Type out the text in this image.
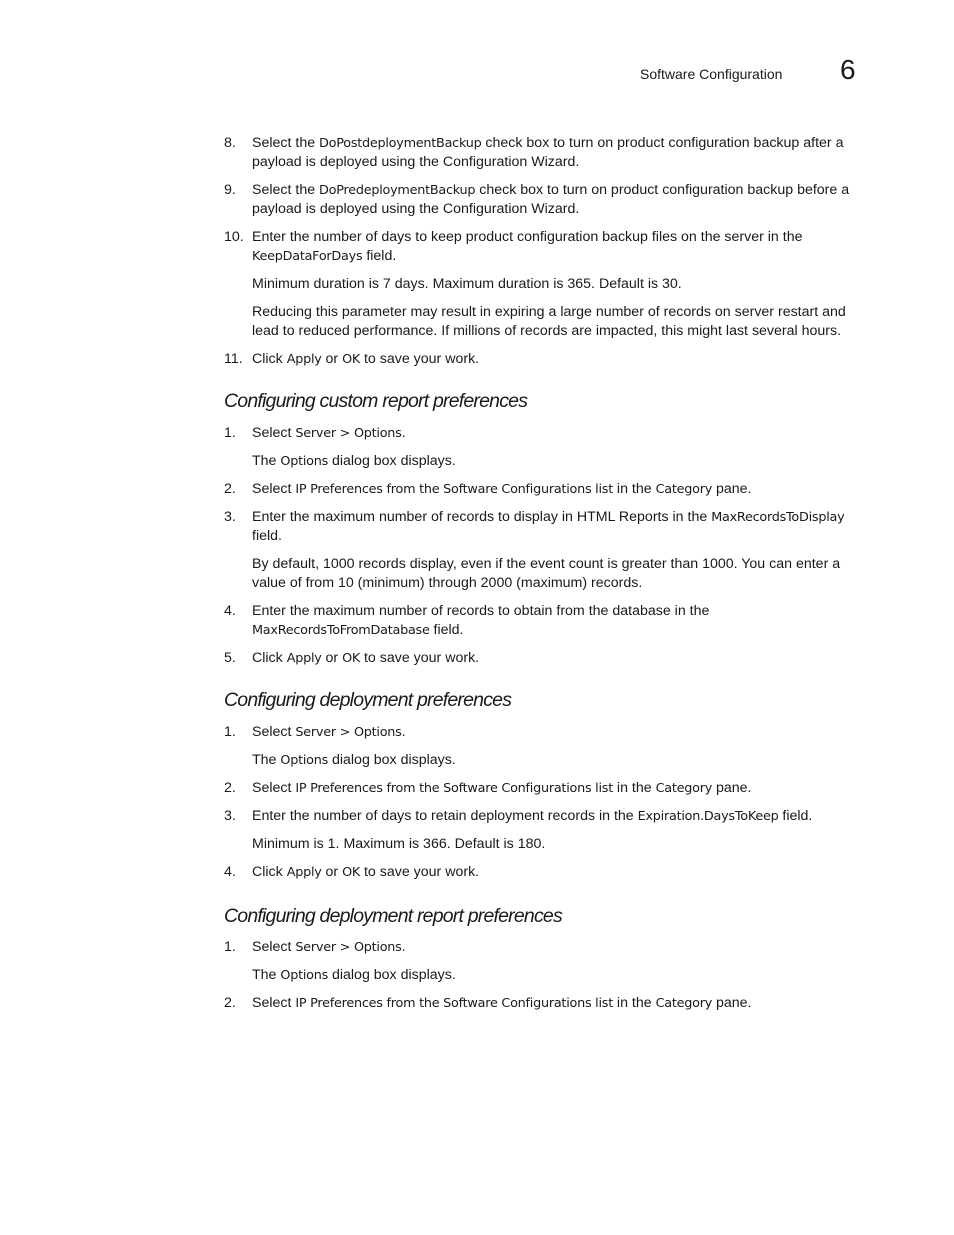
Software Configuration 6
8. Select the DoPostdeploymentBackup check box to turn on product configuration backup after a payload is deployed using the Configuration Wizard.
9. Select the DoPredeploymentBackup check box to turn on product configuration backup before a payload is deployed using the Configuration Wizard.
10. Enter the number of days to keep product configuration backup files on the server in the KeepDataForDays field.
Minimum duration is 7 days. Maximum duration is 365. Default is 30.
Reducing this parameter may result in expiring a large number of records on server restart and lead to reduced performance. If millions of records are impacted, this might last several hours.
11. Click Apply or OK to save your work.
Configuring custom report preferences
1. Select Server > Options.
The Options dialog box displays.
2. Select IP Preferences from the Software Configurations list in the Category pane.
3. Enter the maximum number of records to display in HTML Reports in the MaxRecordsToDisplay field.
By default, 1000 records display, even if the event count is greater than 1000. You can enter a value of from 10 (minimum) through 2000 (maximum) records.
4. Enter the maximum number of records to obtain from the database in the MaxRecordsToFromDatabase field.
5. Click Apply or OK to save your work.
Configuring deployment preferences
1. Select Server > Options.
The Options dialog box displays.
2. Select IP Preferences from the Software Configurations list in the Category pane.
3. Enter the number of days to retain deployment records in the Expiration.DaysToKeep field.
Minimum is 1. Maximum is 366. Default is 180.
4. Click Apply or OK to save your work.
Configuring deployment report preferences
1. Select Server > Options.
The Options dialog box displays.
2. Select IP Preferences from the Software Configurations list in the Category pane.
